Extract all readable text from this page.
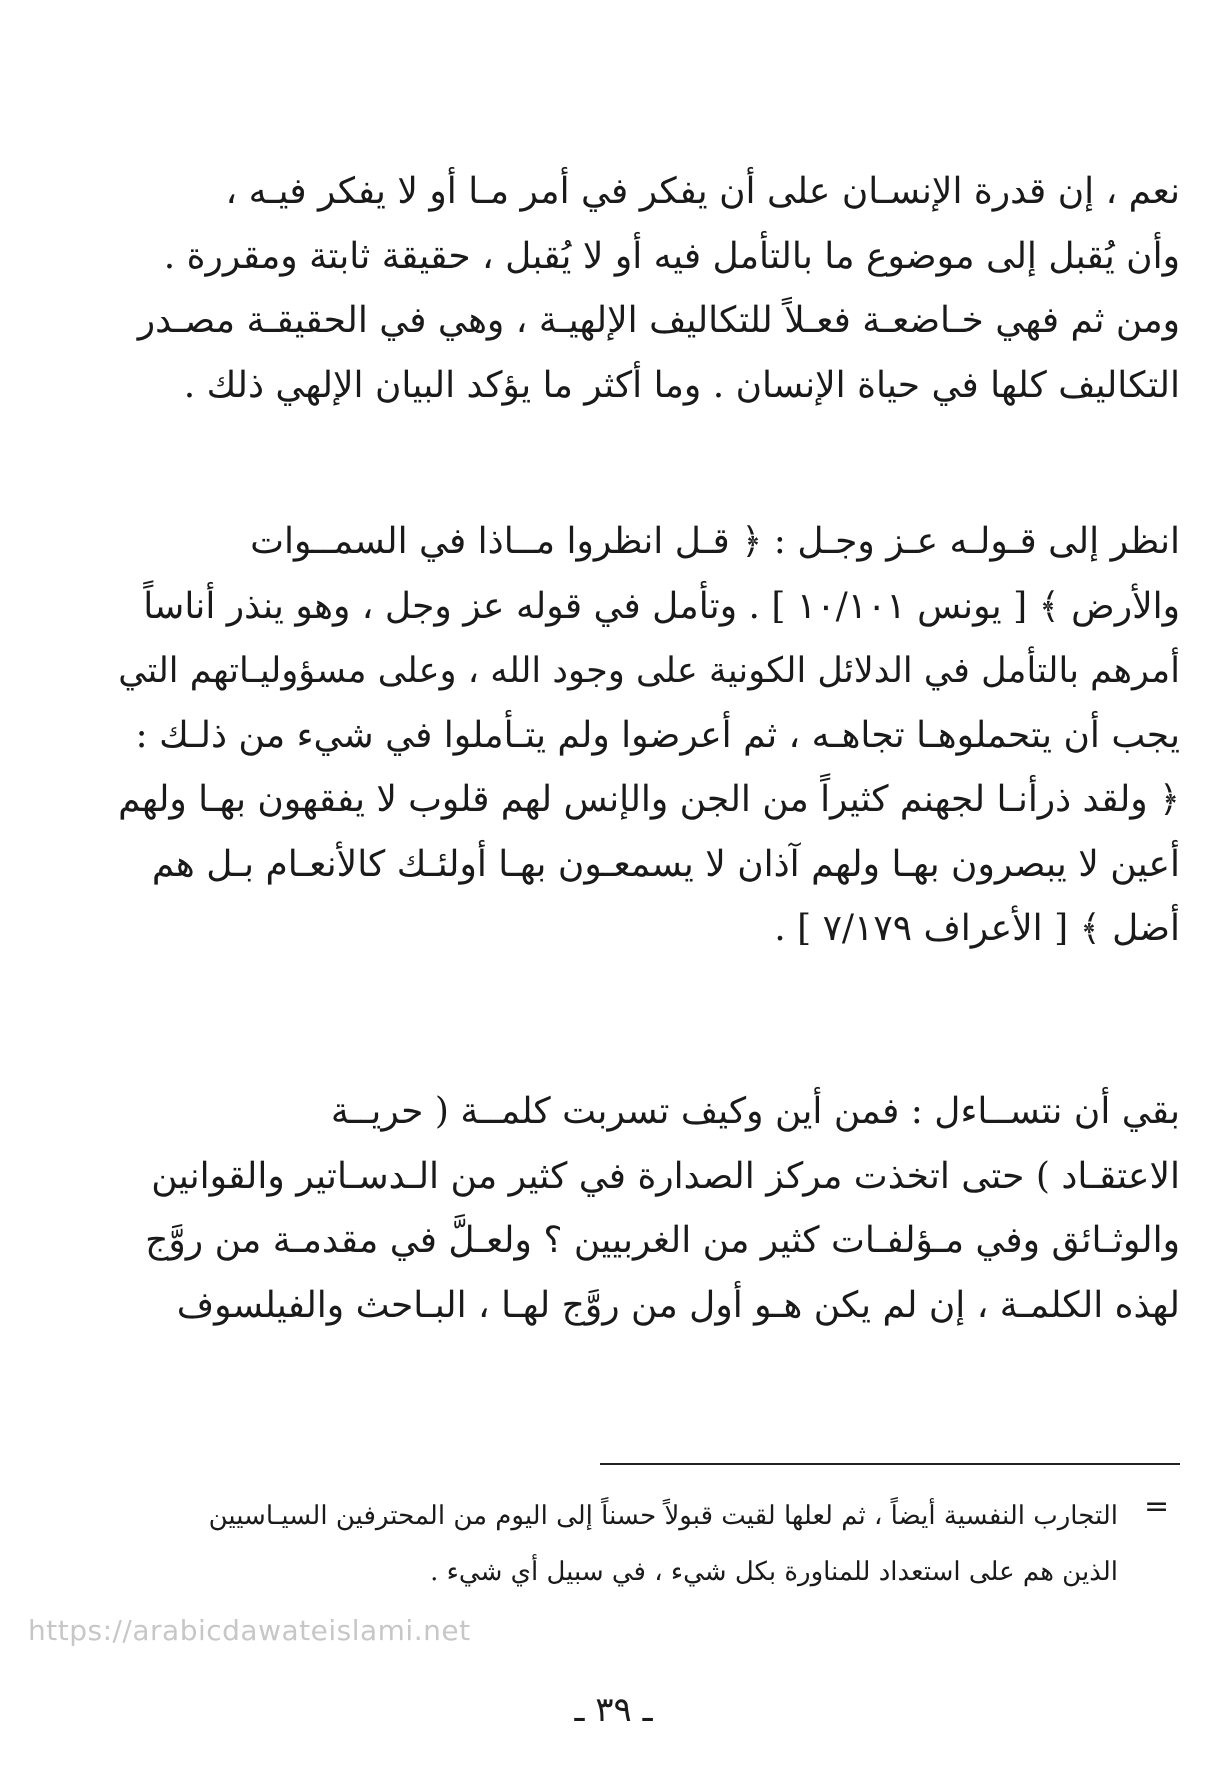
نعم ، إن قدرة الإنسـان على أن يفكر في أمر مـا أو لا يفكر فيـه ،
وأن يُقبل إلى موضوع ما بالتأمل فيه أو لا يُقبل ، حقيقة ثابتة ومقررة .
ومن ثم فهي خـاضعـة فعـلاً للتكاليف الإلهيـة ، وهي في الحقيقـة مصـدر
التكاليف كلها في حياة الإنسان . وما أكثر ما يؤكد البيان الإلهي ذلك .
انظر إلى قـولـه عـز وجـل : ﴿ قـل انظروا مــاذا في السمــوات
والأرض ﴾ [ يونس ١٠/١٠١ ] . وتأمل في قوله عز وجل ، وهو ينذر أناساً
أمرهم بالتأمل في الدلائل الكونية على وجود الله ، وعلى مسؤوليـاتهم التي
يجب أن يتحملوهـا تجاهـه ، ثم أعرضوا ولم يتـأملوا في شيء من ذلـك :
﴿ ولقد ذرأنـا لجهنم كثيراً من الجن والإنس لهم قلوب لا يفقهون بهـا ولهم
أعين لا يبصرون بهـا ولهم آذان لا يسمعـون بهـا أولئـك كالأنعـام بـل هم
أضل ﴾ [ الأعراف ٧/١٧٩ ] .
بقي أن نتســاءل : فمن أين وكيف تسربت كلمــة ( حريــة
الاعتقـاد ) حتى اتخذت مركز الصدارة في كثير من الـدسـاتير والقوانين
والوثـائق وفي مـؤلفـات كثير من الغربيين ؟ ولعـلَّ في مقدمـة من روَّج
لهذه الكلمـة ، إن لم يكن هـو أول من روَّج لهـا ، البـاحث والفيلسوف
=
التجارب النفسية أيضاً ، ثم لعلها لقيت قبولاً حسناً إلى اليوم من المحترفين السيـاسيين
الذين هم على استعداد للمناورة بكل شيء ، في سبيل أي شيء .
https://arabicdawateislami.net
ـ ٣٩ ـ
